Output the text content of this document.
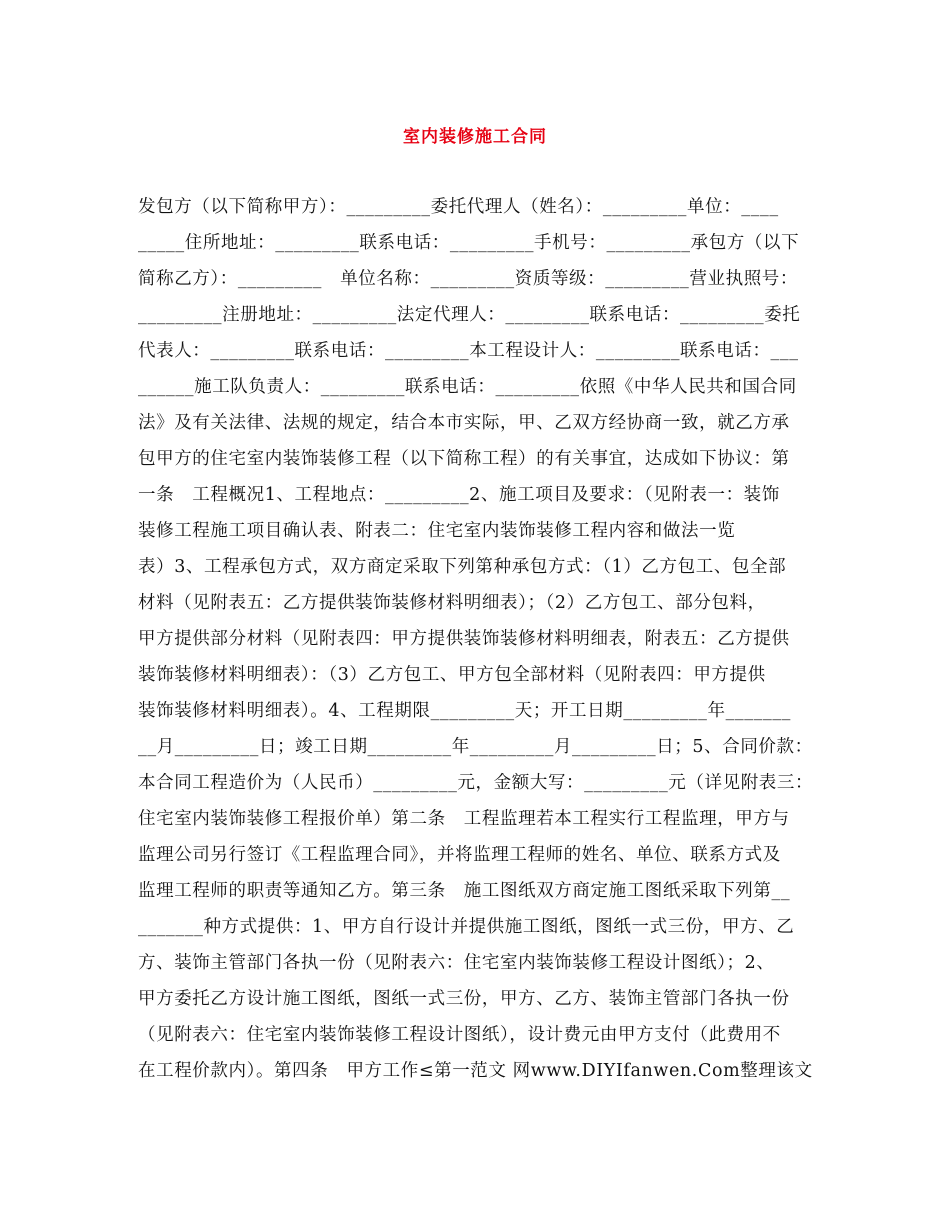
室内装修施工合同
发包方（以下简称甲方）：_________委托代理人（姓名）：_________单位：____
_____住所地址：_________联系电话：_________手机号：_________承包方（以下
简称乙方）：_________　单位名称：_________资质等级：_________营业执照号：
_________注册地址：_________法定代理人：_________联系电话：_________委托
代表人：_________联系电话：_________本工程设计人：_________联系电话：___
______施工队负责人：_________联系电话：_________依照《中华人民共和国合同
法》及有关法律、法规的规定，结合本市实际，甲、乙双方经协商一致，就乙方承
包甲方的住宅室内装饰装修工程（以下简称工程）的有关事宜，达成如下协议：第
一条　工程概况1、工程地点：_________2、施工项目及要求：（见附表一：装饰
装修工程施工项目确认表、附表二：住宅室内装饰装修工程内容和做法一览
表）3、工程承包方式，双方商定采取下列第种承包方式：（1）乙方包工、包全部
材料（见附表五：乙方提供装饰装修材料明细表）；（2）乙方包工、部分包料，
甲方提供部分材料（见附表四：甲方提供装饰装修材料明细表，附表五：乙方提供
装饰装修材料明细表）：（3）乙方包工、甲方包全部材料（见附表四：甲方提供
装饰装修材料明细表）。4、工程期限_________天；开工日期_________年_______
__月_________日；竣工日期_________年_________月_________日；5、合同价款：
本合同工程造价为（人民币）_________元，金额大写：_________元（详见附表三：
住宅室内装饰装修工程报价单）第二条　工程监理若本工程实行工程监理，甲方与
监理公司另行签订《工程监理合同》，并将监理工程师的姓名、单位、联系方式及
监理工程师的职责等通知乙方。第三条　施工图纸双方商定施工图纸采取下列第__
_______种方式提供：1、甲方自行设计并提供施工图纸，图纸一式三份，甲方、乙
方、装饰主管部门各执一份（见附表六：住宅室内装饰装修工程设计图纸）；2、
甲方委托乙方设计施工图纸，图纸一式三份，甲方、乙方、装饰主管部门各执一份
（见附表六：住宅室内装饰装修工程设计图纸），设计费元由甲方支付（此费用不
在工程价款内）。第四条　甲方工作≤第一范文 网www.DIYIfanwen.Com整理该文
